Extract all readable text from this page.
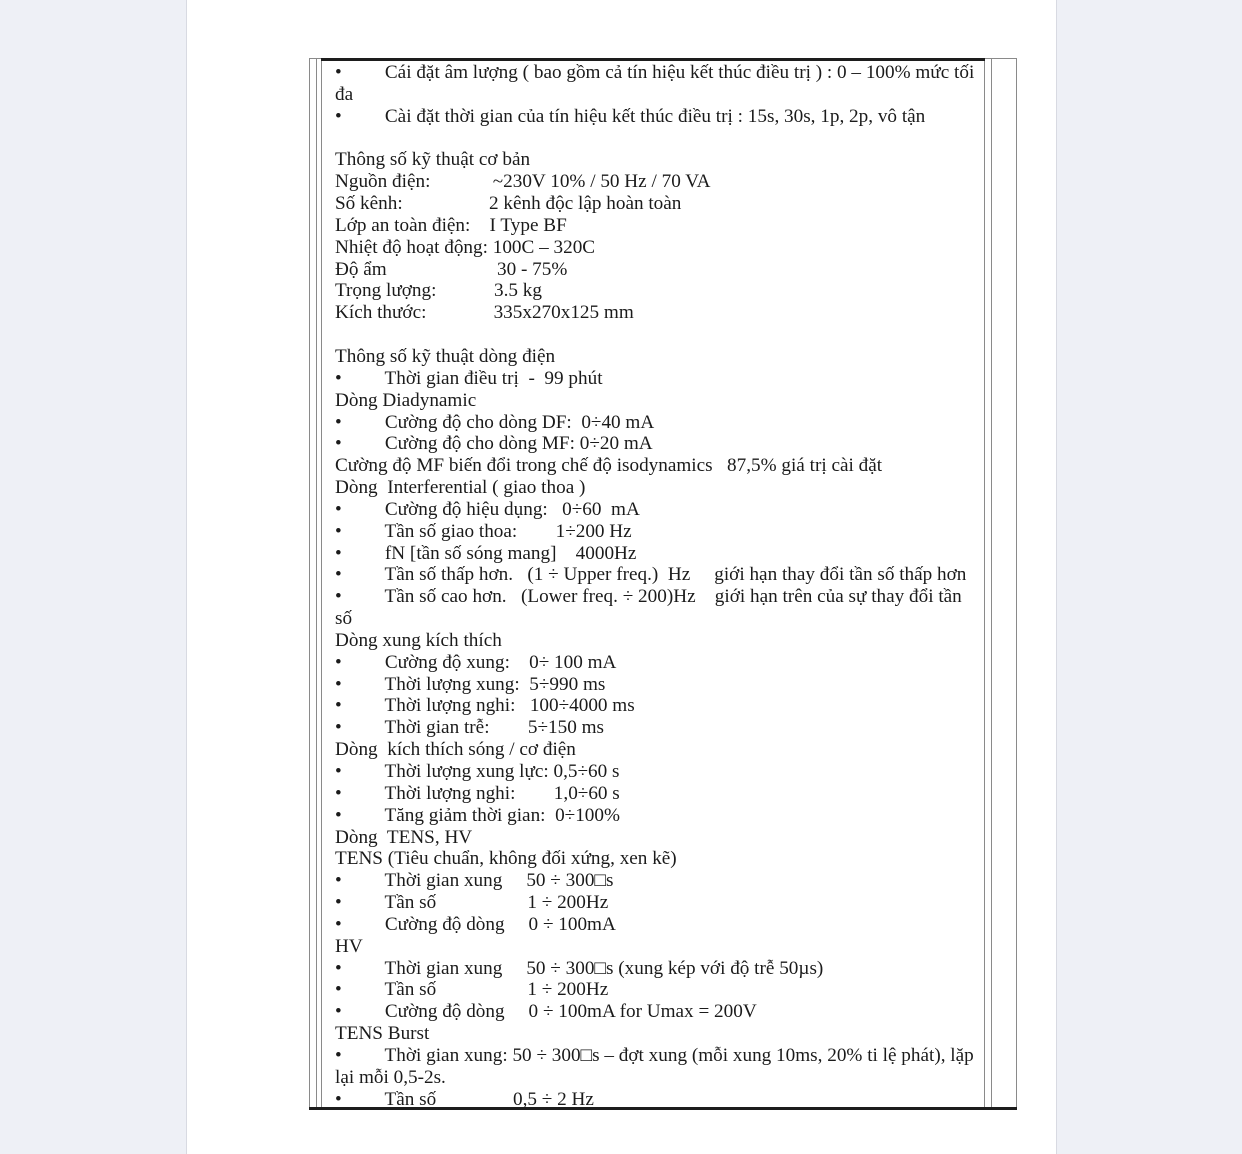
•         Cái đặt âm lượng ( bao gồm cả tín hiệu kết thúc điều trị ) : 0 – 100% mức tối
đa
•         Cài đặt thời gian của tín hiệu kết thúc điều trị : 15s, 30s, 1p, 2p, vô tận
Thông số kỹ thuật cơ bản
Nguồn điện:             ~230V 10% / 50 Hz / 70 VA
Số kênh:                  2 kênh độc lập hoàn toàn
Lớp an toàn điện:    I Type BF
Nhiệt độ hoạt động: 100C – 320C
Độ ẩm                       30 - 75%
Trọng lượng:            3.5 kg
Kích thước:              335x270x125 mm
Thông số kỹ thuật dòng điện
•         Thời gian điều trị  -  99 phút
Dòng Diadynamic
•         Cường độ cho dòng DF:  0÷40 mA
•         Cường độ cho dòng MF: 0÷20 mA
Cường độ MF biến đổi trong chế độ isodynamics   87,5% giá trị cài đặt
Dòng  Interferential ( giao thoa )
•         Cường độ hiệu dụng:   0÷60  mA
•         Tần số giao thoa:        1÷200 Hz
•         fN [tần số sóng mang]    4000Hz
•         Tần số thấp hơn.   (1 ÷ Upper freq.)  Hz     giới hạn thay đổi tần số thấp hơn
•         Tần số cao hơn.   (Lower freq. ÷ 200)Hz    giới hạn trên của sự thay đổi tần
số
Dòng xung kích thích
•         Cường độ xung:    0÷ 100 mA
•         Thời lượng xung:  5÷990 ms
•         Thời lượng nghi:   100÷4000 ms
•         Thời gian trễ:        5÷150 ms
Dòng  kích thích sóng / cơ điện
•         Thời lượng xung lực: 0,5÷60 s
•         Thời lượng nghi:        1,0÷60 s
•         Tăng giảm thời gian:  0÷100%
Dòng  TENS, HV
TENS (Tiêu chuẩn, không đối xứng, xen kẽ)
•         Thời gian xung     50 ÷ 300□s
•         Tần số                   1 ÷ 200Hz
•         Cường độ dòng     0 ÷ 100mA
HV
•         Thời gian xung     50 ÷ 300□s (xung kép với độ trễ 50µs)
•         Tần số                   1 ÷ 200Hz
•         Cường độ dòng     0 ÷ 100mA for Umax = 200V
TENS Burst
•         Thời gian xung: 50 ÷ 300□s – đợt xung (mỗi xung 10ms, 20% ti lệ phát), lặp
lại mỗi 0,5-2s.
•         Tần số                0,5 ÷ 2 Hz
